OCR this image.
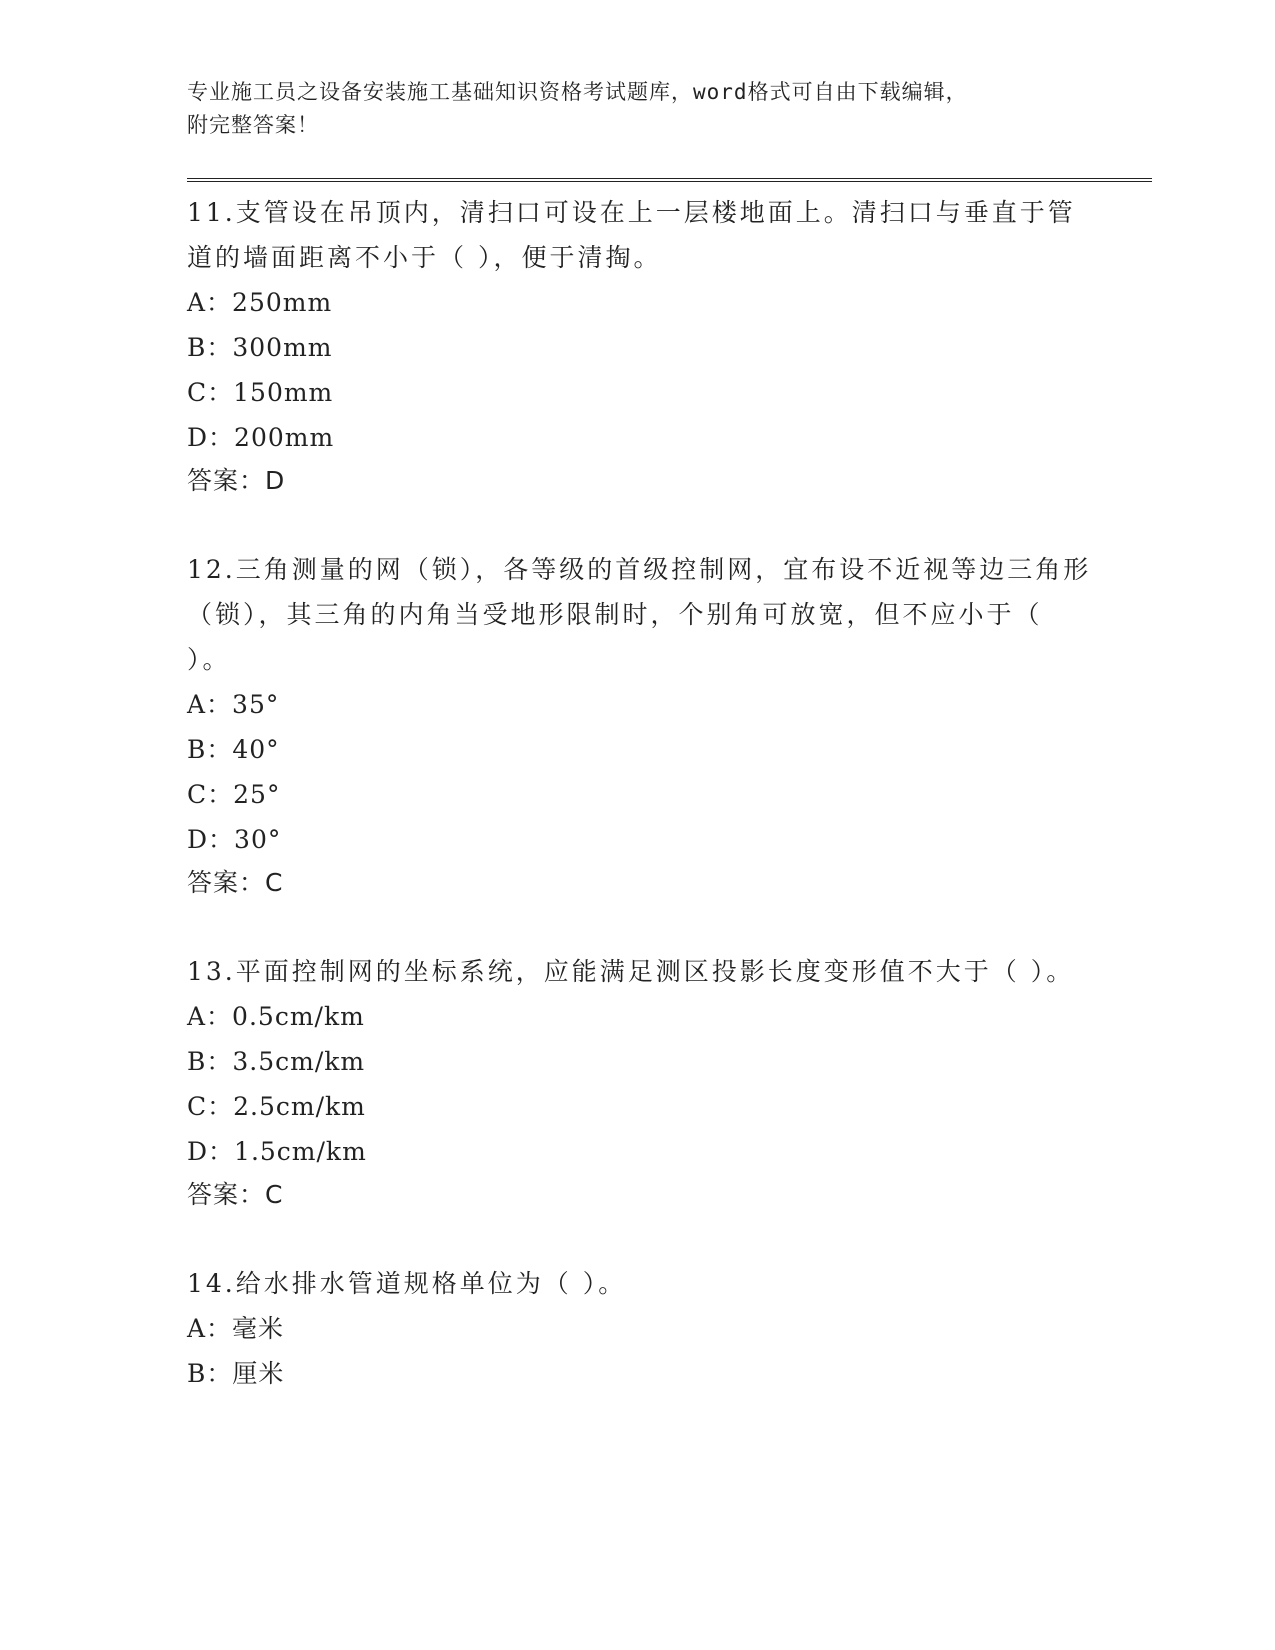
专业施工员之设备安装施工基础知识资格考试题库，word格式可自由下载编辑，
附完整答案！

11.支管设在吊顶内，清扫口可设在上一层楼地面上。清扫口与垂直于管道的墙面距离不小于（ ），便于清掏。

A：250mm

B：300mm

C：150mm

D：200mm

答案：D

12.三角测量的网（锁），各等级的首级控制网，宜布设不近视等边三角形（锁），其三角的内角当受地形限制时，个别角可放宽，但不应小于（ ）。

A：35°

B：40°

C：25°

D：30°

答案：C

13.平面控制网的坐标系统，应能满足测区投影长度变形值不大于（ ）。

A：0.5cm/km

B：3.5cm/km

C：2.5cm/km

D：1.5cm/km

答案：C

14.给水排水管道规格单位为（ ）。

A：毫米

B：厘米
